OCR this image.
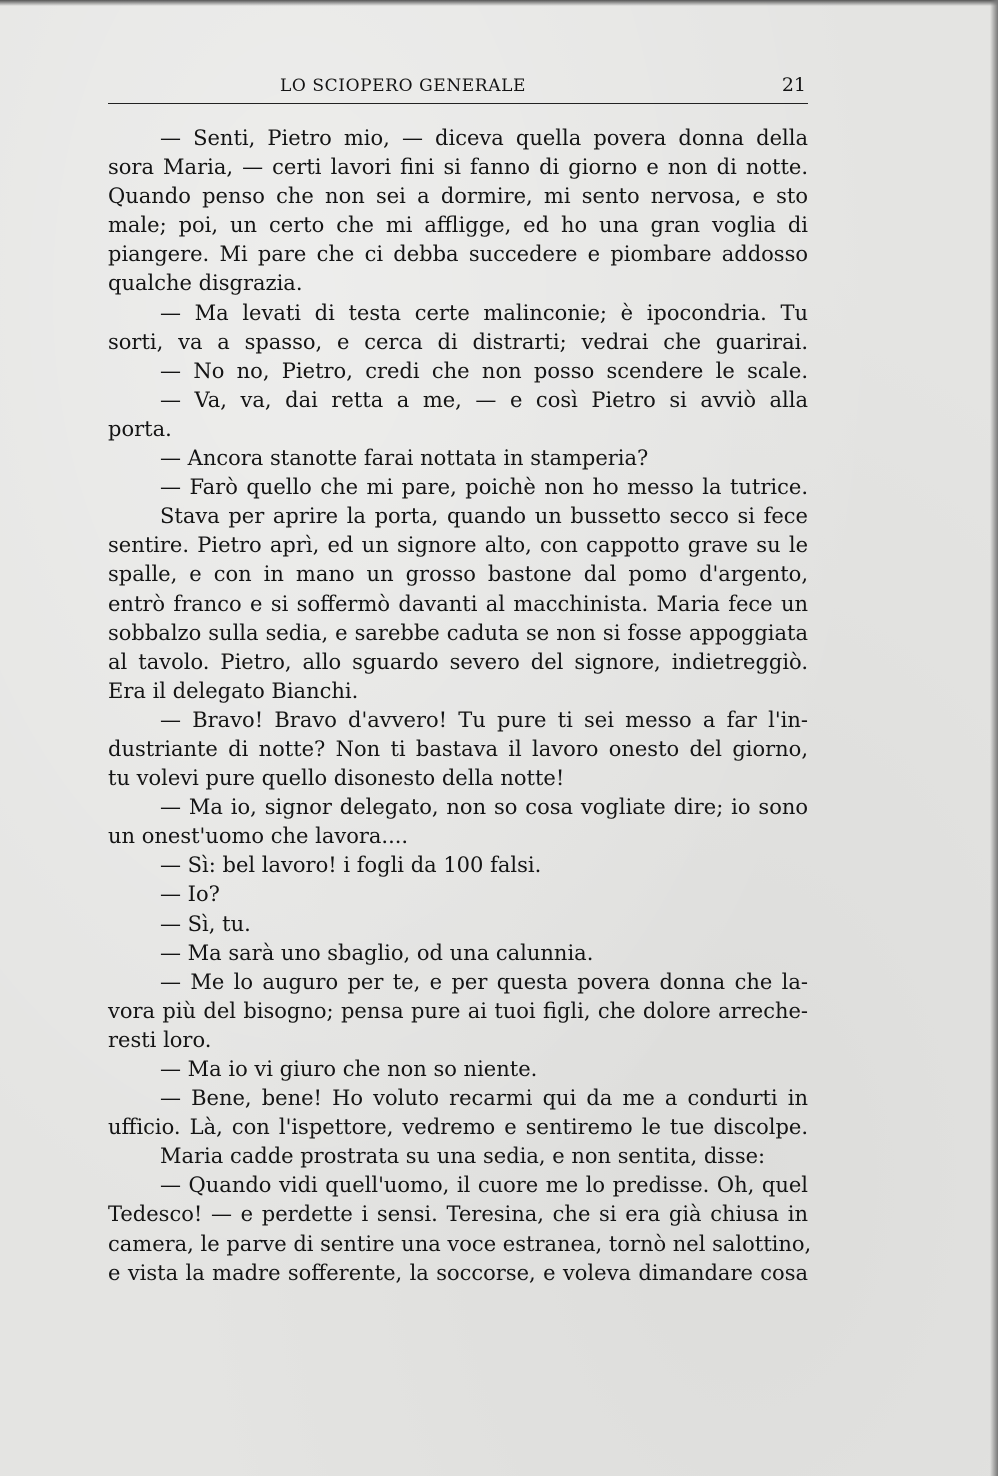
LO SCIOPERO GENERALE	21
— Senti, Pietro mio, — diceva quella povera donna della
sora Maria, — certi lavori fini si fanno di giorno e non di notte.
Quando penso che non sei a dormire, mi sento nervosa, e sto
male; poi, un certo che mi affligge, ed ho una gran voglia di
piangere. Mi pare che ci debba succedere e piombare addosso
qualche disgrazia.
— Ma levati di testa certe malinconie; è ipocondria. Tu
sorti, va a spasso, e cerca di distrarti; vedrai che guarirai.
— No no, Pietro, credi che non posso scendere le scale.
— Va, va, dai retta a me, — e così Pietro si avviò alla
porta.
— Ancora stanotte farai nottata in stamperia?
— Farò quello che mi pare, poichè non ho messo la tutrice.
Stava per aprire la porta, quando un bussetto secco si fece
sentire. Pietro aprì, ed un signore alto, con cappotto grave su le
spalle, e con in mano un grosso bastone dal pomo d'argento,
entrò franco e si soffermò davanti al macchinista. Maria fece un
sobbalzo sulla sedia, e sarebbe caduta se non si fosse appoggiata
al tavolo. Pietro, allo sguardo severo del signore, indietreggiò.
Era il delegato Bianchi.
— Bravo! Bravo d'avvero! Tu pure ti sei messo a far l'in-
dustriante di notte? Non ti bastava il lavoro onesto del giorno,
tu volevi pure quello disonesto della notte!
— Ma io, signor delegato, non so cosa vogliate dire; io sono
un onest'uomo che lavora....
— Sì: bel lavoro! i fogli da 100 falsi.
— Io?
— Sì, tu.
— Ma sarà uno sbaglio, od una calunnia.
— Me lo auguro per te, e per questa povera donna che la-
vora più del bisogno; pensa pure ai tuoi figli, che dolore arreche-
resti loro.
— Ma io vi giuro che non so niente.
— Bene, bene! Ho voluto recarmi qui da me a condurti in
ufficio. Là, con l'ispettore, vedremo e sentiremo le tue discolpe.
Maria cadde prostrata su una sedia, e non sentita, disse:
— Quando vidi quell'uomo, il cuore me lo predisse. Oh, quel
Tedesco! — e perdette i sensi. Teresina, che si era già chiusa in
camera, le parve di sentire una voce estranea, tornò nel salottino,
e vista la madre sofferente, la soccorse, e voleva dimandare cosa
